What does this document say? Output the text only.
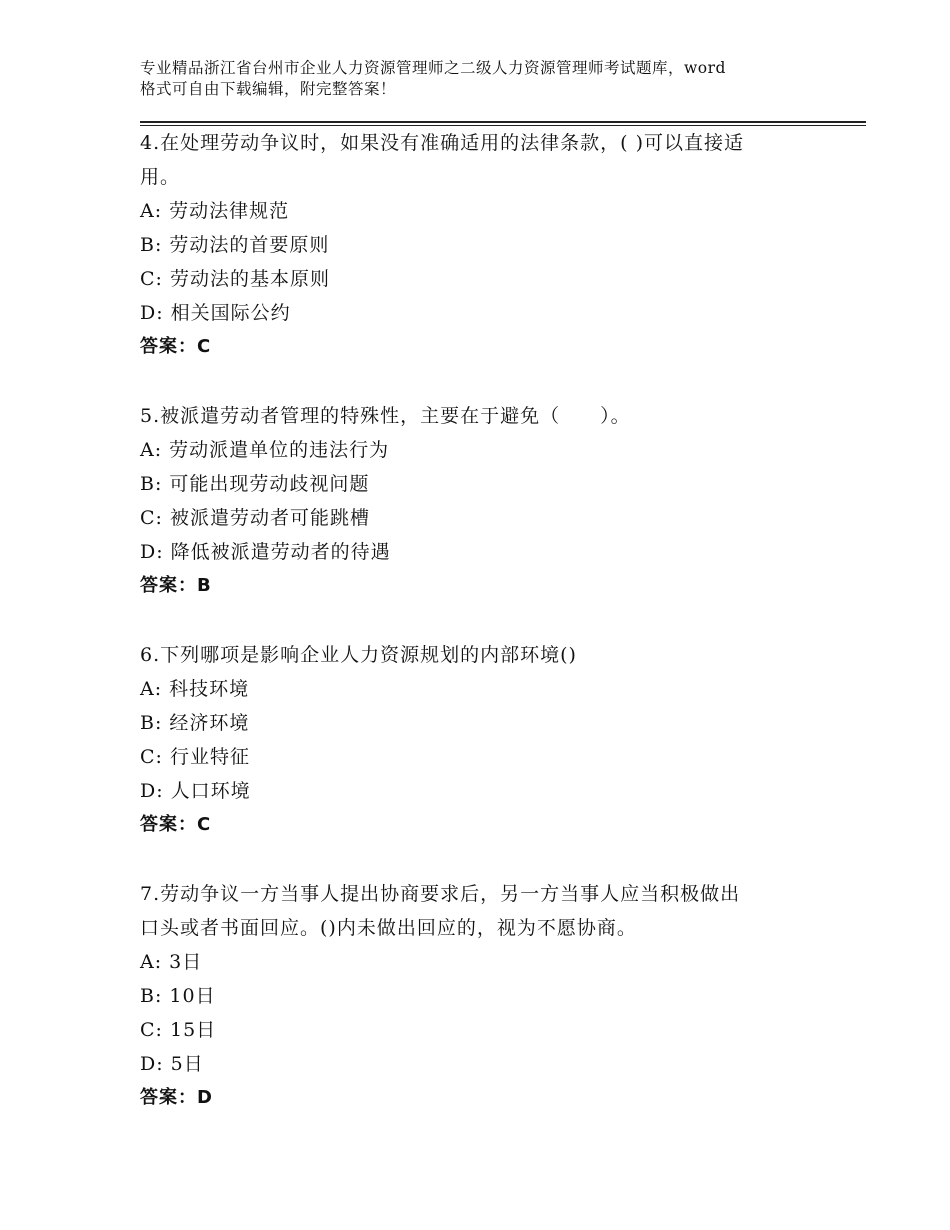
专业精品浙江省台州市企业人力资源管理师之二级人力资源管理师考试题库，word
格式可自由下载编辑，附完整答案！
4.在处理劳动争议时，如果没有准确适用的法律条款，( )可以直接适
用。
A: 劳动法律规范
B: 劳动法的首要原则
C: 劳动法的基本原则
D: 相关国际公约
答案：C
5.被派遣劳动者管理的特殊性，主要在于避免（　　）。
A: 劳动派遣单位的违法行为
B: 可能出现劳动歧视问题
C: 被派遣劳动者可能跳槽
D: 降低被派遣劳动者的待遇
答案：B
6.下列哪项是影响企业人力资源规划的内部环境()
A: 科技环境
B: 经济环境
C: 行业特征
D: 人口环境
答案：C
7.劳动争议一方当事人提出协商要求后，另一方当事人应当积极做出
口头或者书面回应。()内未做出回应的，视为不愿协商。
A: 3日
B: 10日
C: 15日
D: 5日
答案：D
